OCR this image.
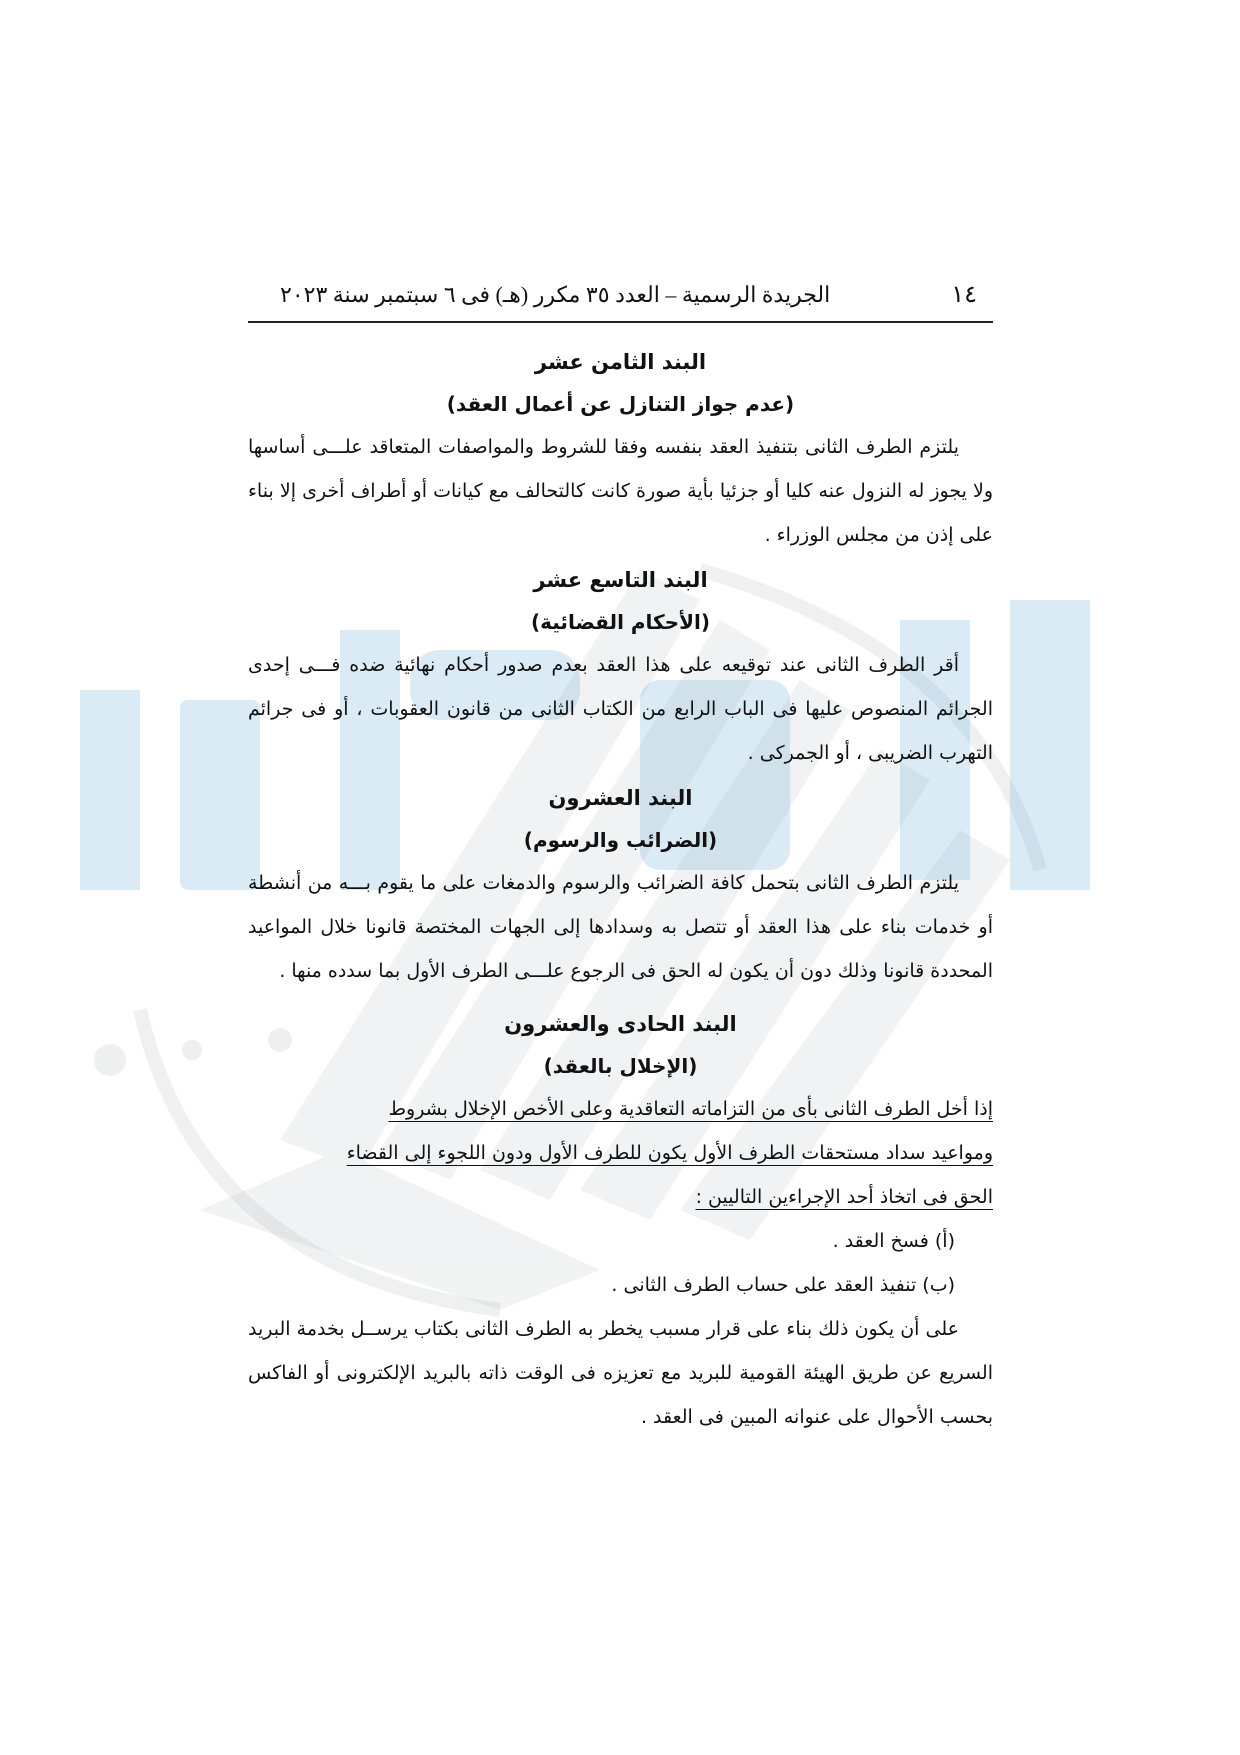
١٤
الجريدة الرسمية – العدد ٣٥ مكرر (هـ) فى ٦ سبتمبر سنة ٢٠٢٣

البند الثامن عشر

(عدم جواز التنازل عن أعمال العقد)

يلتزم الطرف الثانى بتنفيذ العقد بنفسه وفقا للشروط والمواصفات المتعاقد علـــى أساسها ولا يجوز له النزول عنه كليا أو جزئيا بأية صورة كانت كالتحالف مع كيانات أو أطراف أخرى إلا بناء على إذن من مجلس الوزراء .

البند التاسع عشر

(الأحكام القضائية)

أقر الطرف الثانى عند توقيعه على هذا العقد بعدم صدور أحكام نهائية ضده فـــى إحدى الجرائم المنصوص عليها فى الباب الرابع من الكتاب الثانى من قانون العقوبات ، أو فى جرائم التهرب الضريبى ، أو الجمركى .

البند العشرون

(الضرائب والرسوم)

يلتزم الطرف الثانى بتحمل كافة الضرائب والرسوم والدمغات على ما يقوم بـــه من أنشطة أو خدمات بناء على هذا العقد أو تتصل به وسدادها إلى الجهات المختصة قانونا خلال المواعيد المحددة قانونا وذلك دون أن يكون له الحق فى الرجوع علـــى الطرف الأول بما سدده منها .

البند الحادى والعشرون

(الإخلال بالعقد)

إذا أخل الطرف الثانى بأى من التزاماته التعاقدية وعلى الأخص الإخلال بشروط

ومواعيد سداد مستحقات الطرف الأول يكون للطرف الأول ودون اللجوء إلى القضاء

الحق فى اتخاذ أحد الإجراءين التاليين :

(أ) فسخ العقد .

(ب) تنفيذ العقد على حساب الطرف الثانى .

على أن يكون ذلك بناء على قرار مسبب يخطر به الطرف الثانى بكتاب يرســل بخدمة البريد السريع عن طريق الهيئة القومية للبريد مع تعزيزه فى الوقت ذاته بالبريد الإلكترونى أو الفاكس بحسب الأحوال على عنوانه المبين فى العقد .
